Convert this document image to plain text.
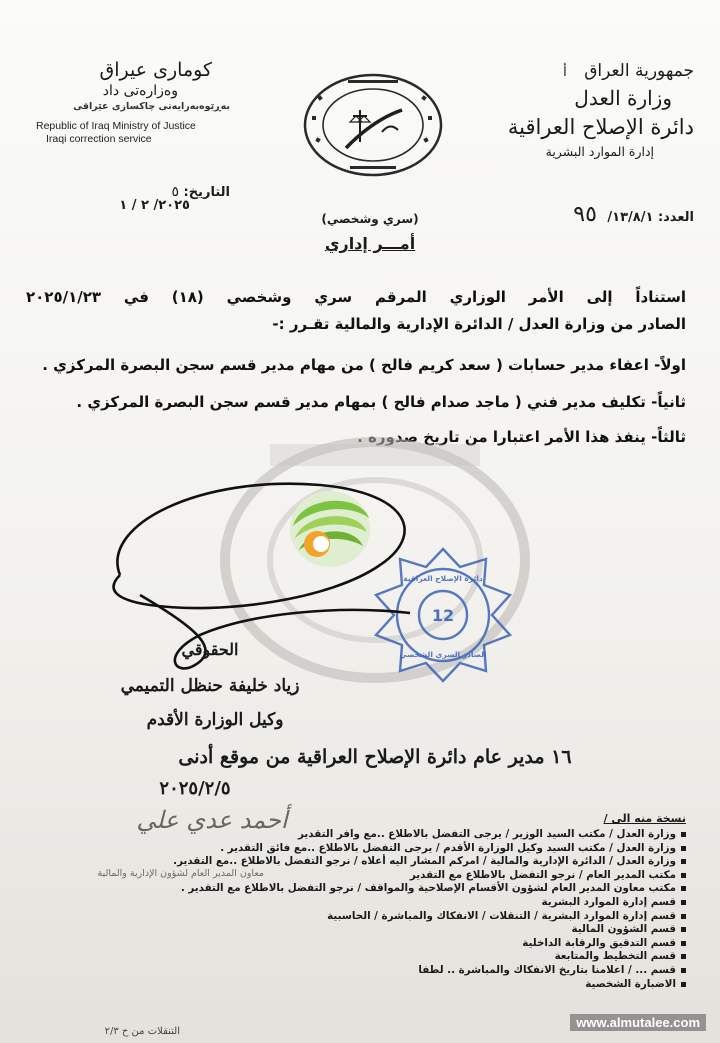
جمهورية العراق أ
وزارة العدل
دائرة الإصلاح العراقية
إدارة الموارد البشرية
كوماری عیراق
وەزارەتی داد
بەڕێوەبەرایەتی چاکسازی عێراقی
Republic of Iraq Ministry of Justice
Iraqi correction service
العدد: ١٣/٨/١/ ٩٥
التاريخ: ٥
٢٠٢٥/ ٢ / ١
(سري وشخصي)
أمـــر إداري
استناداً إلى الأمر الوزاري المرقم سري وشخصي (١٨) في ٢٠٢٥/١/٢٣
الصادر من وزارة العدل / الدائرة الإدارية والمالية تقـرر :-
اولاً- اعفاء مدير حسابات ( سعد كريم فالح ) من مهام مدير قسم سجن البصرة المركزي .
ثانياً- تكليف مدير فني ( ماجد صدام فالح ) بمهام مدير قسم سجن البصرة المركزي .
ثالثاً- ينفذ هذا الأمر اعتبارا من تاريخ صدوره .
دائرة الإصلاح العراقية
الصادر السري الشخصي
12
الحقوقي
زياد خليفة حنظل التميمي
وكيل الوزارة الأقدم
١٦ مدير عام دائرة الإصلاح العراقية من موقع أدنى
٢٠٢٥/٢/٥
أحمد عدي علي	نسخة منه الى /
وزارة العدل / مكتب السيد الوزير / يرجى التفضل بالاطلاع ..مع وافر التقدير
وزارة العدل / مكتب السيد وكيل الوزارة الأقدم / يرجى التفضل بالاطلاع ..مع فائق التقدير .
وزارة العدل / الدائرة الإدارية والمالية / امركم المشار اليه أعلاه / نرجو التفضل بالاطلاع ..مع التقدير.
مكتب المدير العام / نرجو التفضل بالاطلاع مع التقدير
مكتب معاون المدير العام لشؤون الأقسام الإصلاحية والمواقف / نرجو التفضل بالاطلاع مع التقدير .
قسم إدارة الموارد البشرية
قسم إدارة الموارد البشرية / التنقلات / الانفكاك والمباشرة / الحاسبية
قسم الشؤون المالية
قسم التدقيق والرقابة الداخلية
قسم التخطيط والمتابعة
قسم ... / اعلامنا بتاريخ الانفكاك والمباشرة .. لطفا
الاضبارة الشخصية
معاون المدير العام لشؤون الإدارية والمالية
التنقلات من ح ٢/٣
www.almutalee.com
